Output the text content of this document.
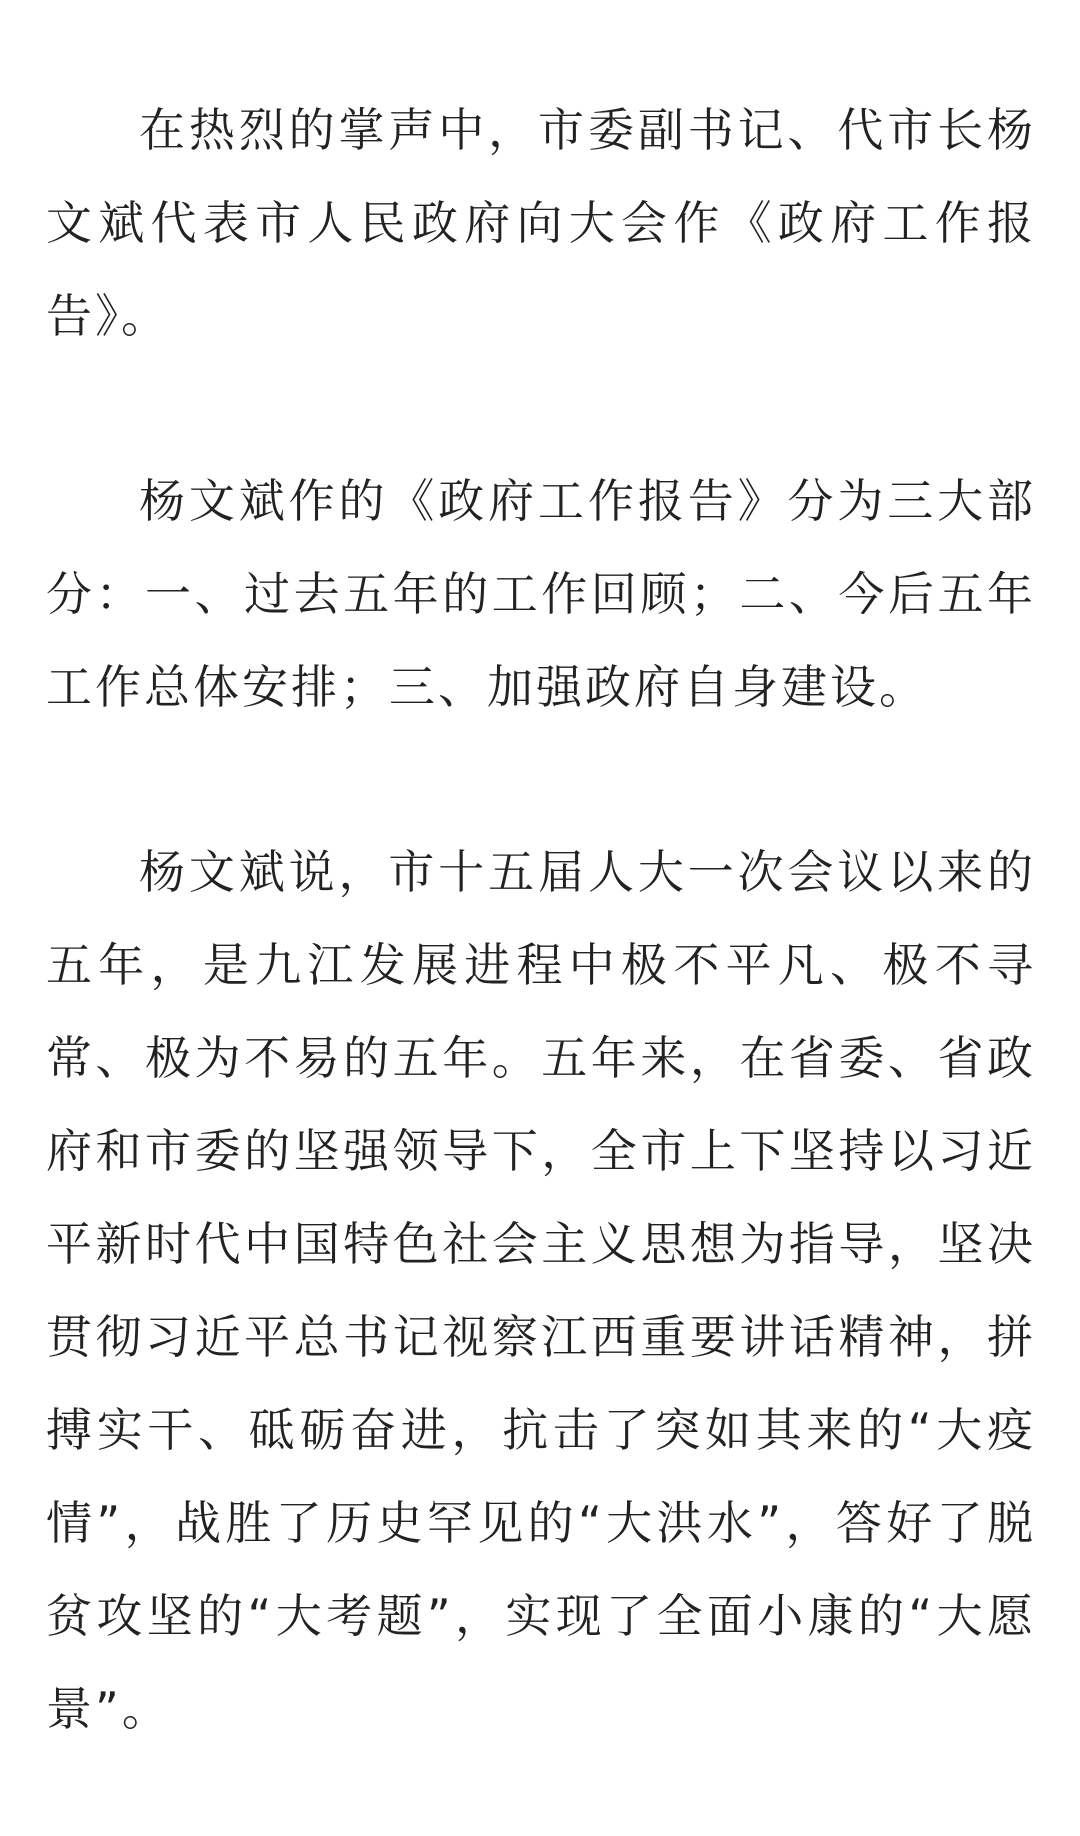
在热烈的掌声中，市委副书记、代市长杨文斌代表市人民政府向大会作《政府工作报告》。

杨文斌作的《政府工作报告》分为三大部分：一、过去五年的工作回顾；二、今后五年工作总体安排；三、加强政府自身建设。

杨文斌说，市十五届人大一次会议以来的五年，是九江发展进程中极不平凡、极不寻常、极为不易的五年。五年来，在省委、省政府和市委的坚强领导下，全市上下坚持以习近平新时代中国特色社会主义思想为指导，坚决贯彻习近平总书记视察江西重要讲话精神，拼搏实干、砥砺奋进，抗击了突如其来的“大疫情”，战胜了历史罕见的“大洪水”，答好了脱贫攻坚的“大考题”，实现了全面小康的“大愿景”。
